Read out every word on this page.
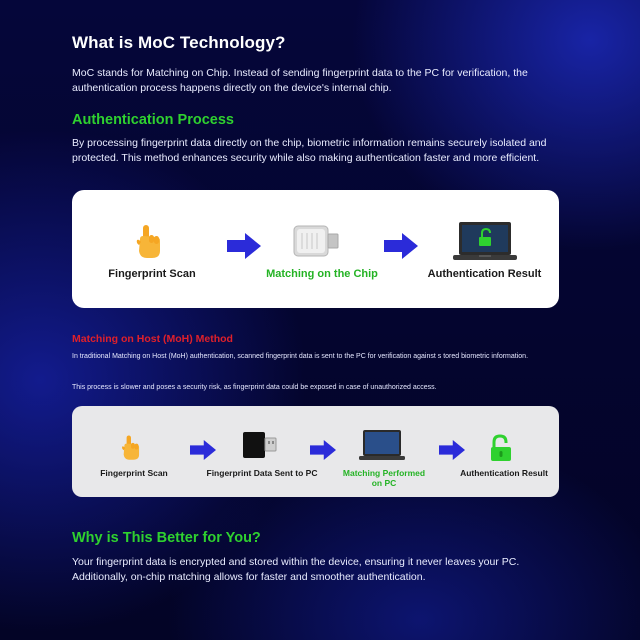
What is MoC Technology?
MoC stands for Matching on Chip. Instead of sending fingerprint data to the PC for verification, the authentication process happens directly on the device's internal chip.
Authentication Process
By processing fingerprint data directly on the chip, biometric information remains securely isolated and protected. This method enhances security while also making authentication faster and more efficient.
Fingerprint Scan	Matching on the Chip	Authentication Result
Matching on Host (MoH) Method
In traditional Matching on Host (MoH) authentication, scanned fingerprint data is sent to the PC for verification against s tored biometric information.
This process is slower and poses a security risk, as fingerprint data could be exposed in case of unauthorized access.
Fingerprint Scan	Fingerprint Data Sent to PC	Matching Performed
on PC
Authentication Result
Why is This Better for You?
Your fingerprint data is encrypted and stored within the device, ensuring it never leaves your PC. Additionally, on-chip matching allows for faster and smoother authentication.
